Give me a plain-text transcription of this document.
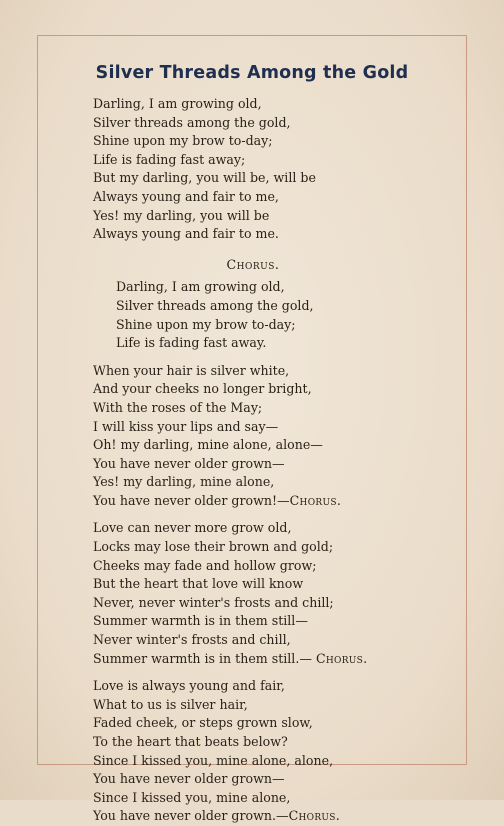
Silver Threads Among the Gold
Darling, I am growing old,
Silver threads among the gold,
Shine upon my brow to-day;
Life is fading fast away;
But my darling, you will be, will be
Always young and fair to me,
Yes! my darling, you will be
Always young and fair to me.
Chorus.
Darling, I am growing old,
Silver threads among the gold,
Shine upon my brow to-day;
Life is fading fast away.
When your hair is silver white,
And your cheeks no longer bright,
With the roses of the May;
I will kiss your lips and say—
Oh! my darling, mine alone, alone—
You have never older grown—
Yes! my darling, mine alone,
You have never older grown!—Chorus.
Love can never more grow old,
Locks may lose their brown and gold;
Cheeks may fade and hollow grow;
But the heart that love will know
Never, never winter's frosts and chill;
Summer warmth is in them still—
Never winter's frosts and chill,
Summer warmth is in them still.— Chorus.
Love is always young and fair,
What to us is silver hair,
Faded cheek, or steps grown slow,
To the heart that beats below?
Since I kissed you, mine alone, alone,
You have never older grown—
Since I kissed you, mine alone,
You have never older grown.—Chorus.
